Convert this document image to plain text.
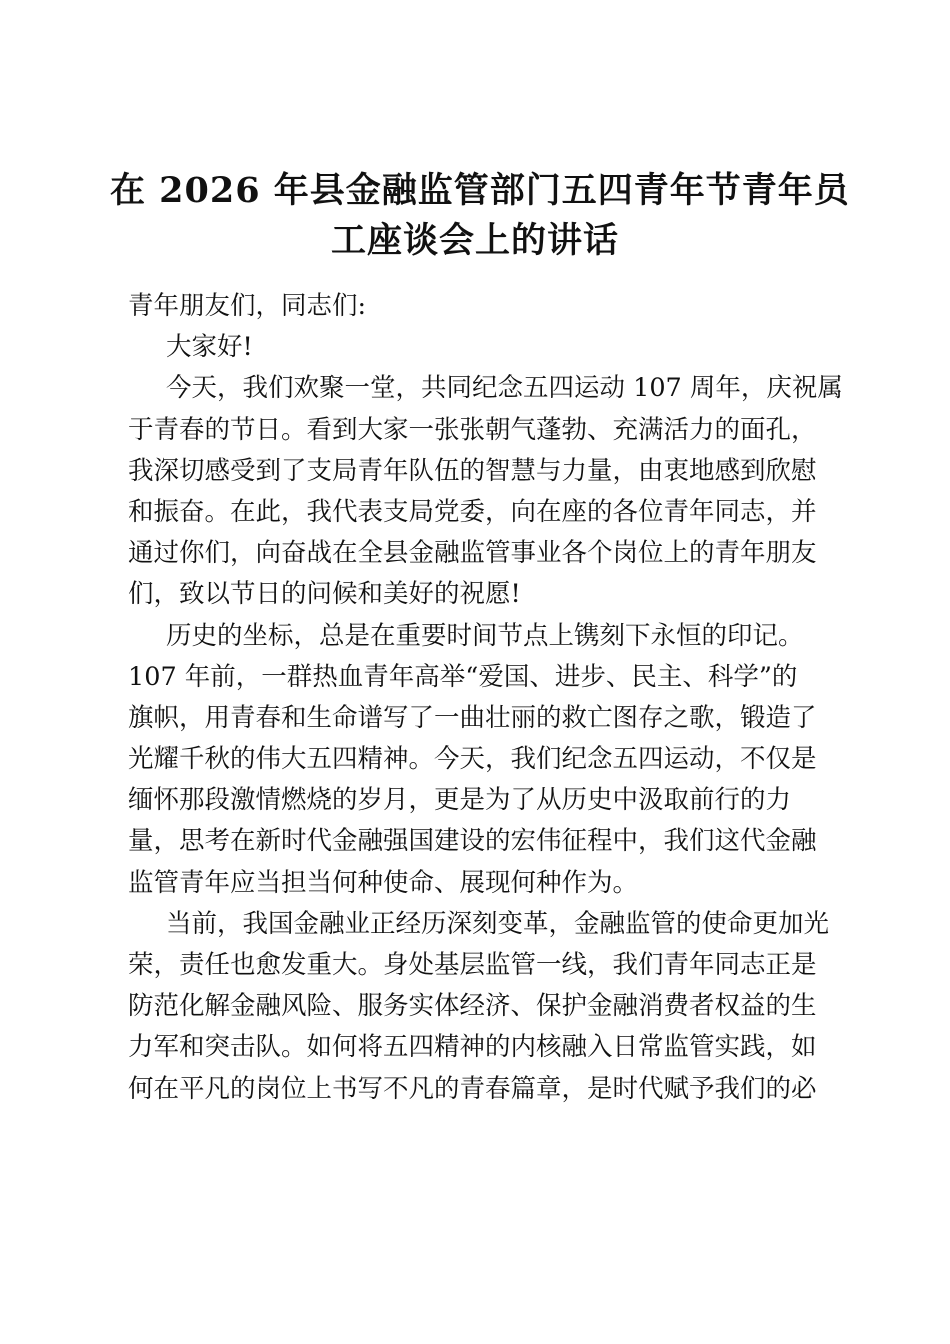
在 2026 年县金融监管部门五四青年节青年员
工座谈会上的讲话
青年朋友们，同志们:
大家好!
今天，我们欢聚一堂，共同纪念五四运动 107 周年，庆祝属
于青春的节日。看到大家一张张朝气蓬勃、充满活力的面孔，
我深切感受到了支局青年队伍的智慧与力量，由衷地感到欣慰
和振奋。在此，我代表支局党委，向在座的各位青年同志，并
通过你们，向奋战在全县金融监管事业各个岗位上的青年朋友
们，致以节日的问候和美好的祝愿!
历史的坐标，总是在重要时间节点上镌刻下永恒的印记。
107 年前，一群热血青年高举“爱国、进步、民主、科学”的
旗帜，用青春和生命谱写了一曲壮丽的救亡图存之歌，锻造了
光耀千秋的伟大五四精神。今天，我们纪念五四运动，不仅是
缅怀那段激情燃烧的岁月，更是为了从历史中汲取前行的力
量，思考在新时代金融强国建设的宏伟征程中，我们这代金融
监管青年应当担当何种使命、展现何种作为。
当前，我国金融业正经历深刻变革，金融监管的使命更加光
荣，责任也愈发重大。身处基层监管一线，我们青年同志正是
防范化解金融风险、服务实体经济、保护金融消费者权益的生
力军和突击队。如何将五四精神的内核融入日常监管实践，如
何在平凡的岗位上书写不凡的青春篇章，是时代赋予我们的必
